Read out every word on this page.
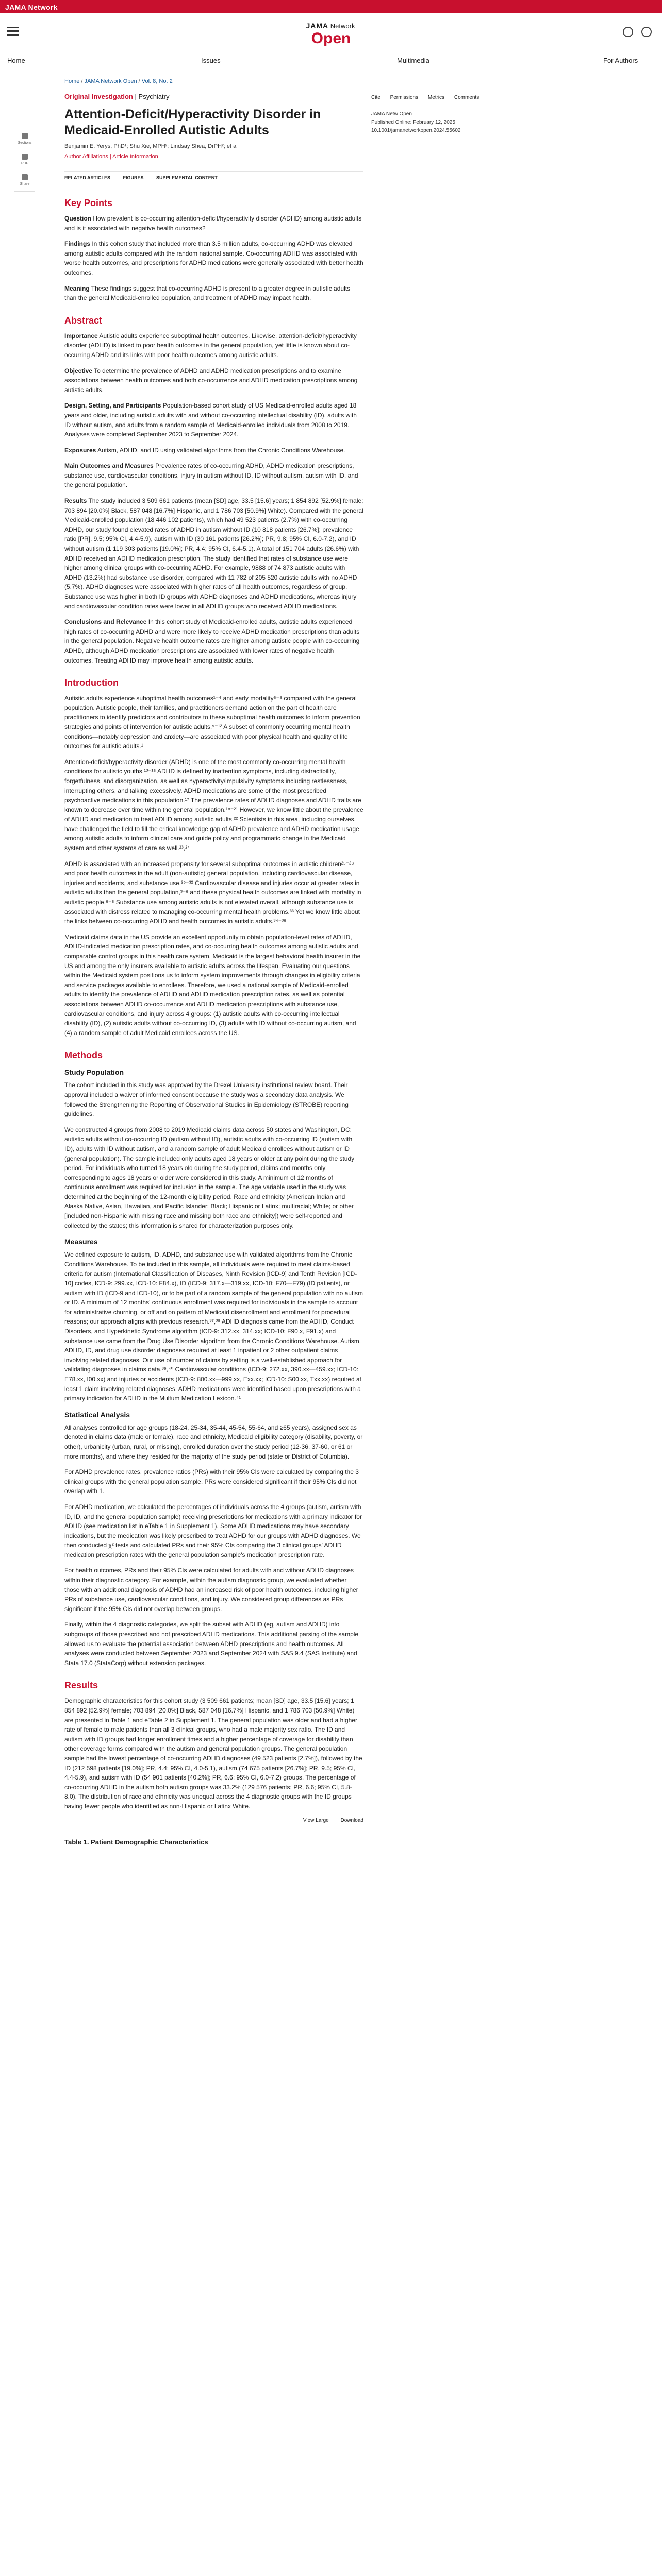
JAMA Network
JAMA Network Open
Home	Issues	Multimedia	For Authors
Home / JAMA Network Open / Vol. 8, No. 2
Sections
PDF
Share
Original Investigation | Psychiatry
Attention-Deficit/Hyperactivity Disorder in Medicaid-Enrolled Autistic Adults
Benjamin E. Yerys, PhD¹; Shu Xie, MPH²; Lindsay Shea, DrPH²; et al
Author Affiliations | Article Information
RELATED ARTICLES	FIGURES	SUPPLEMENTAL CONTENT
Key Points

Question How prevalent is co-occurring attention-deficit/hyperactivity disorder (ADHD) among autistic adults and is it associated with negative health outcomes?

Findings In this cohort study that included more than 3.5 million adults, co-occurring ADHD was elevated among autistic adults compared with the random national sample. Co-occurring ADHD was associated with worse health outcomes, and prescriptions for ADHD medications were generally associated with better health outcomes.

Meaning These findings suggest that co-occurring ADHD is present to a greater degree in autistic adults than the general Medicaid-enrolled population, and treatment of ADHD may impact health.

Abstract

Importance Autistic adults experience suboptimal health outcomes. Likewise, attention-deficit/hyperactivity disorder (ADHD) is linked to poor health outcomes in the general population, yet little is known about co-occurring ADHD and its links with poor health outcomes among autistic adults.

Objective To determine the prevalence of ADHD and ADHD medication prescriptions and to examine associations between health outcomes and both co-occurrence and ADHD medication prescriptions among autistic adults.

Design, Setting, and Participants Population-based cohort study of US Medicaid-enrolled adults aged 18 years and older, including autistic adults with and without co-occurring intellectual disability (ID), adults with ID without autism, and adults from a random sample of Medicaid-enrolled individuals from 2008 to 2019. Analyses were completed September 2023 to September 2024.

Exposures Autism, ADHD, and ID using validated algorithms from the Chronic Conditions Warehouse.

Main Outcomes and Measures Prevalence rates of co-occurring ADHD, ADHD medication prescriptions, substance use, cardiovascular conditions, injury in autism without ID, ID without autism, autism with ID, and the general population.

Results The study included 3 509 661 patients (mean [SD] age, 33.5 [15.6] years; 1 854 892 [52.9%] female; 703 894 [20.0%] Black, 587 048 [16.7%] Hispanic, and 1 786 703 [50.9%] White). Compared with the general Medicaid-enrolled population (18 446 102 patients), which had 49 523 patients (2.7%) with co-occurring ADHD, our study found elevated rates of ADHD in autism without ID (10 818 patients [26.7%]; prevalence ratio [PR], 9.5; 95% CI, 4.4-5.9), autism with ID (30 161 patients [26.2%]; PR, 9.8; 95% CI, 6.0-7.2), and ID without autism (1 119 303 patients [19.0%]; PR, 4.4; 95% CI, 6.4-5.1). A total of 151 704 adults (26.6%) with ADHD received an ADHD medication prescription. The study identified that rates of substance use were higher among clinical groups with co-occurring ADHD. For example, 9888 of 74 873 autistic adults with ADHD (13.2%) had substance use disorder, compared with 11 782 of 205 520 autistic adults with no ADHD (5.7%). ADHD diagnoses were associated with higher rates of all health outcomes, regardless of group. Substance use was higher in both ID groups with ADHD diagnoses and ADHD medications, whereas injury and cardiovascular condition rates were lower in all ADHD groups who received ADHD medications.

Conclusions and Relevance In this cohort study of Medicaid-enrolled adults, autistic adults experienced high rates of co-occurring ADHD and were more likely to receive ADHD medication prescriptions than adults in the general population. Negative health outcome rates are higher among autistic people with co-occurring ADHD, although ADHD medication prescriptions are associated with lower rates of negative health outcomes. Treating ADHD may improve health among autistic adults.

Introduction

Autistic adults experience suboptimal health outcomes¹⁻⁴ and early mortality⁵⁻⁸ compared with the general population. Autistic people, their families, and practitioners demand action on the part of health care practitioners to identify predictors and contributors to these suboptimal health outcomes to inform prevention strategies and points of intervention for autistic adults.⁹⁻¹² A subset of commonly occurring mental health conditions—notably depression and anxiety—are associated with poor physical health and quality of life outcomes for autistic adults.¹

Attention-deficit/hyperactivity disorder (ADHD) is one of the most commonly co-occurring mental health conditions for autistic youths.¹³⁻¹⁶ ADHD is defined by inattention symptoms, including distractibility, forgetfulness, and disorganization, as well as hyperactivity/impulsivity symptoms including restlessness, interrupting others, and talking excessively. ADHD medications are some of the most prescribed psychoactive medications in this population.¹⁷ The prevalence rates of ADHD diagnoses and ADHD traits are known to decrease over time within the general population.¹⁸⁻²¹ However, we know little about the prevalence of ADHD and medication to treat ADHD among autistic adults.²² Scientists in this area, including ourselves, have challenged the field to fill the critical knowledge gap of ADHD prevalence and ADHD medication usage among autistic adults to inform clinical care and guide policy and programmatic change in the Medicaid system and other systems of care as well.²³,²⁴

ADHD is associated with an increased propensity for several suboptimal outcomes in autistic children²⁵⁻²⁸ and poor health outcomes in the adult (non-autistic) general population, including cardiovascular disease, injuries and accidents, and substance use.²⁹⁻³² Cardiovascular disease and injuries occur at greater rates in autistic adults than the general population,³⁻⁶ and these physical health outcomes are linked with mortality in autistic people.⁶⁻⁸ Substance use among autistic adults is not elevated overall, although substance use is associated with distress related to managing co-occurring mental health problems.³³ Yet we know little about the links between co-occurring ADHD and health outcomes in autistic adults.³⁴⁻³⁶

Medicaid claims data in the US provide an excellent opportunity to obtain population-level rates of ADHD, ADHD-indicated medication prescription rates, and co-occurring health outcomes among autistic adults and comparable control groups in this health care system. Medicaid is the largest behavioral health insurer in the US and among the only insurers available to autistic adults across the lifespan. Evaluating our questions within the Medicaid system positions us to inform system improvements through changes in eligibility criteria and service packages available to enrollees. Therefore, we used a national sample of Medicaid-enrolled adults to identify the prevalence of ADHD and ADHD medication prescription rates, as well as potential associations between ADHD co-occurrence and ADHD medication prescriptions with substance use, cardiovascular conditions, and injury across 4 groups: (1) autistic adults with co-occurring intellectual disability (ID), (2) autistic adults without co-occurring ID, (3) adults with ID without co-occurring autism, and (4) a random sample of adult Medicaid enrollees across the US.

Methods
Study Population

The cohort included in this study was approved by the Drexel University institutional review board. Their approval included a waiver of informed consent because the study was a secondary data analysis. We followed the Strengthening the Reporting of Observational Studies in Epidemiology (STROBE) reporting guidelines.

We constructed 4 groups from 2008 to 2019 Medicaid claims data across 50 states and Washington, DC: autistic adults without co-occurring ID (autism without ID), autistic adults with co-occurring ID (autism with ID), adults with ID without autism, and a random sample of adult Medicaid enrollees without autism or ID (general population). The sample included only adults aged 18 years or older at any point during the study period. For individuals who turned 18 years old during the study period, claims and months only corresponding to ages 18 years or older were considered in this study. A minimum of 12 months of continuous enrollment was required for inclusion in the sample. The age variable used in the study was determined at the beginning of the 12-month eligibility period. Race and ethnicity (American Indian and Alaska Native, Asian, Hawaiian, and Pacific Islander; Black; Hispanic or Latinx; multiracial; White; or other [included non-Hispanic with missing race and missing both race and ethnicity]) were self-reported and collected by the states; this information is shared for characterization purposes only.

Measures

We defined exposure to autism, ID, ADHD, and substance use with validated algorithms from the Chronic Conditions Warehouse. To be included in this sample, all individuals were required to meet claims-based criteria for autism (International Classification of Diseases, Ninth Revision [ICD-9] and Tenth Revision [ICD-10] codes, ICD-9: 299.xx, ICD-10: F84.x), ID (ICD-9: 317.x—319.xx, ICD-10: F70—F79) (ID patients), or autism with ID (ICD-9 and ICD-10), or to be part of a random sample of the general population with no autism or ID. A minimum of 12 months' continuous enrollment was required for individuals in the sample to account for administrative churning, or off and on pattern of Medicaid disenrollment and enrollment for procedural reasons; our approach aligns with previous research.³⁷,³⁸ ADHD diagnosis came from the ADHD, Conduct Disorders, and Hyperkinetic Syndrome algorithm (ICD-9: 312.xx, 314.xx; ICD-10: F90.x, F91.x) and substance use came from the Drug Use Disorder algorithm from the Chronic Conditions Warehouse. Autism, ADHD, ID, and drug use disorder diagnoses required at least 1 inpatient or 2 other outpatient claims involving related diagnoses. Our use of number of claims by setting is a well-established approach for validating diagnoses in claims data.³⁹,⁴⁰ Cardiovascular conditions (ICD-9: 272.xx, 390.xx—459.xx; ICD-10: E78.xx, I00.xx) and injuries or accidents (ICD-9: 800.xx—999.xx, Exx.xx; ICD-10: S00.xx, Txx.xx) required at least 1 claim involving related diagnoses. ADHD medications were identified based upon prescriptions with a primary indication for ADHD in the Multum Medication Lexicon.⁴¹

Statistical Analysis

All analyses controlled for age groups (18-24, 25-34, 35-44, 45-54, 55-64, and ≥65 years), assigned sex as denoted in claims data (male or female), race and ethnicity, Medicaid eligibility category (disability, poverty, or other), urbanicity (urban, rural, or missing), enrolled duration over the study period (12-36, 37-60, or 61 or more months), and where they resided for the majority of the study period (state or District of Columbia).

For ADHD prevalence rates, prevalence ratios (PRs) with their 95% CIs were calculated by comparing the 3 clinical groups with the general population sample. PRs were considered significant if their 95% CIs did not overlap with 1.

For ADHD medication, we calculated the percentages of individuals across the 4 groups (autism, autism with ID, ID, and the general population sample) receiving prescriptions for medications with a primary indicator for ADHD (see medication list in eTable 1 in Supplement 1). Some ADHD medications may have secondary indications, but the medication was likely prescribed to treat ADHD for our groups with ADHD diagnoses. We then conducted χ² tests and calculated PRs and their 95% CIs comparing the 3 clinical groups' ADHD medication prescription rates with the general population sample's medication prescription rate.

For health outcomes, PRs and their 95% CIs were calculated for adults with and without ADHD diagnoses within their diagnostic category. For example, within the autism diagnostic group, we evaluated whether those with an additional diagnosis of ADHD had an increased risk of poor health outcomes, including higher PRs of substance use, cardiovascular conditions, and injury. We considered group differences as PRs significant if the 95% CIs did not overlap between groups.

Finally, within the 4 diagnostic categories, we split the subset with ADHD (eg, autism and ADHD) into subgroups of those prescribed and not prescribed ADHD medications. This additional parsing of the sample allowed us to evaluate the potential association between ADHD prescriptions and health outcomes. All analyses were conducted between September 2023 and September 2024 with SAS 9.4 (SAS Institute) and Stata 17.0 (StataCorp) without extension packages.

Results

Demographic characteristics for this cohort study (3 509 661 patients; mean [SD] age, 33.5 [15.6] years; 1 854 892 [52.9%] female; 703 894 [20.0%] Black, 587 048 [16.7%] Hispanic, and 1 786 703 [50.9%] White) are presented in Table 1 and eTable 2 in Supplement 1. The general population was older and had a higher rate of female to male patients than all 3 clinical groups, who had a male majority sex ratio. The ID and autism with ID groups had longer enrollment times and a higher percentage of coverage for disability than other coverage forms compared with the autism and general population groups. The general population sample had the lowest percentage of co-occurring ADHD diagnoses (49 523 patients [2.7%]), followed by the ID (212 598 patients [19.0%]; PR, 4.4; 95% CI, 4.0-5.1), autism (74 675 patients [26.7%]; PR, 9.5; 95% CI, 4.4-5.9), and autism with ID (54 901 patients [40.2%]; PR, 6.6; 95% CI, 6.0-7.2) groups. The percentage of co-occurring ADHD in the autism both autism groups was 33.2% (129 576 patients; PR, 6.6; 95% CI, 5.8-8.0). The distribution of race and ethnicity was unequal across the 4 diagnostic groups with the ID groups having fewer people who identified as non-Hispanic or Latinx White.

View Large Download
Table 1. Patient Demographic Characteristics
Cite Permissions Metrics Comments
JAMA Netw Open
Published Online: February 12, 2025
10.1001/jamanetworkopen.2024.55602
